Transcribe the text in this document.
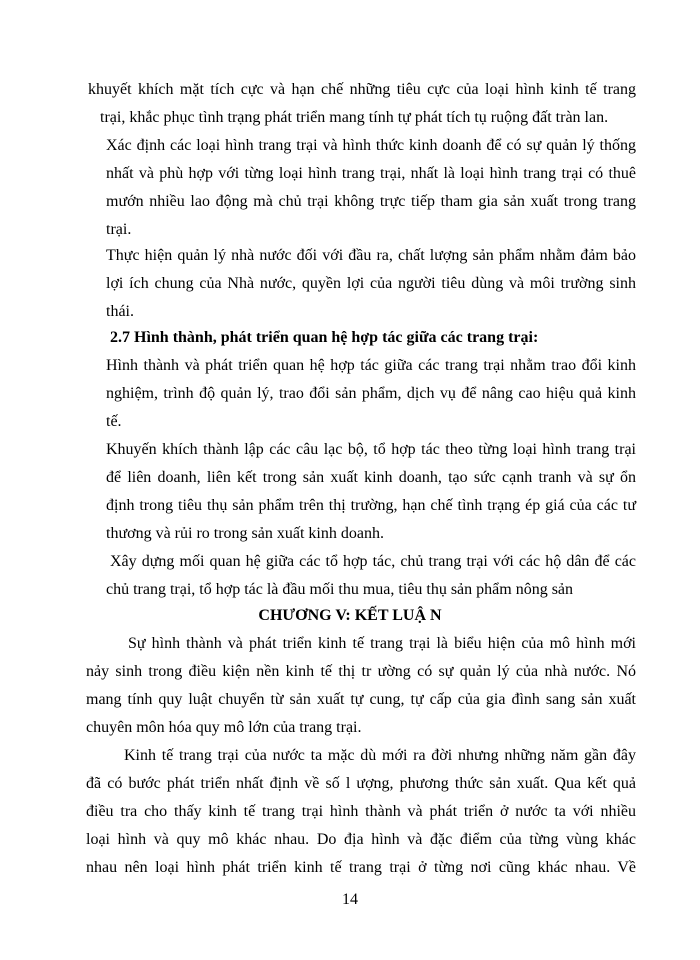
khuyết khích mặt tích cực và hạn chế những tiêu cực của loại hình kinh tế trang
trại, khắc phục tình trạng phát triển mang tính tự phát tích tụ ruộng đất tràn lan.
Xác định các loại hình trang trại và hình thức kinh doanh để có sự quản lý thống
nhất và phù hợp với từng loại hình trang trại, nhất là loại hình trang trại có thuê
mướn nhiều lao động mà chủ trại không trực tiếp tham gia sản xuất trong trang
trại.
Thực hiện quản lý nhà nước đối với đầu ra, chất lượng sản phẩm nhằm đảm bảo
lợi ích chung của Nhà nước, quyền lợi của người tiêu dùng và môi trường sinh
thái.
2.7 Hình thành, phát triển quan hệ hợp tác giữa các trang trại:
Hình thành và phát triển quan hệ hợp tác giữa các trang trại nhằm trao đổi kinh
nghiệm, trình độ quản lý, trao đổi sản phẩm, dịch vụ để nâng cao hiệu quả kinh
tế.
Khuyến khích thành lập các câu lạc bộ, tổ hợp tác theo từng loại hình trang trại
để liên doanh, liên kết trong sản xuất kinh doanh, tạo sức cạnh tranh và sự ổn
định trong tiêu thụ sản phẩm trên thị trường, hạn chế tình trạng ép giá của các tư
thương và rủi ro trong sản xuất kinh doanh.
Xây dựng mối quan hệ giữa các tổ hợp tác, chủ trang trại với các hộ dân để các
chủ trang trại, tổ hợp tác là đầu mối thu mua, tiêu thụ sản phẩm nông sản
CHƯƠNG V: KẾT LUẬ N
Sự hình thành và phát triển kinh tế trang trại là biểu hiện của mô hình mới
nảy sinh trong điều kiện nền kinh tế thị tr ường có sự quản lý của nhà nước. Nó
mang tính quy luật chuyển từ sản xuất tự cung, tự cấp của gia đình sang sản xuất
chuyên môn hóa quy mô lớn của trang trại.
Kinh tế trang trại của nước ta mặc dù mới ra đời nhưng những năm gần đây
đã có bước phát triển nhất định về số l ượng, phương thức sản xuất. Qua kết quả
điều tra cho thấy kinh tế trang trại hình thành và phát triển ở nước ta với nhiều
loại hình và quy mô khác nhau. Do địa hình và đặc điểm của từng vùng khác
nhau nên loại hình phát triển kinh tế trang trại ở từng nơi cũng khác nhau. Về
14
